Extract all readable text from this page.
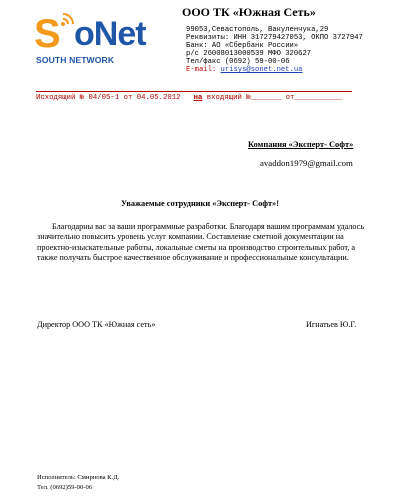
S oNet
SOUTH NETWORK
ООО ТК «Южная Сеть»
99053,Севастополь, Вакуленчука,29
Реквизиты: ИНН 317279427053, ОКПО 3727947
Банк: АО «Сбербанк России»
р/с 26008013000539 МФО 320627
Тел/факс (0692) 59-00-06
E-mail: urisys@sonet.net.ua
Исходящий № 04/05-1 от 04.05.2012 на входящий №_______ от___________
Компания «Эксперт- Софт»
avaddon1979@gmail.com
Уважаемые сотрудники «Эксперт- Софт»!
Благодарны вас за ваши программные разработки. Благодаря вашим программам удалось значительно повысить уровень услуг компании. Составление сметной документации на проектно-изыскательные работы, локальные сметы на производство строительных работ, а также получать быстрое качественное обслуживание и профессиональные консультации.
Директор ООО ТК «Южная сеть»	Игнатьев Ю.Г.
Исполнитель: Смирнова К.Д.
Тел. (0692)59-00-06
